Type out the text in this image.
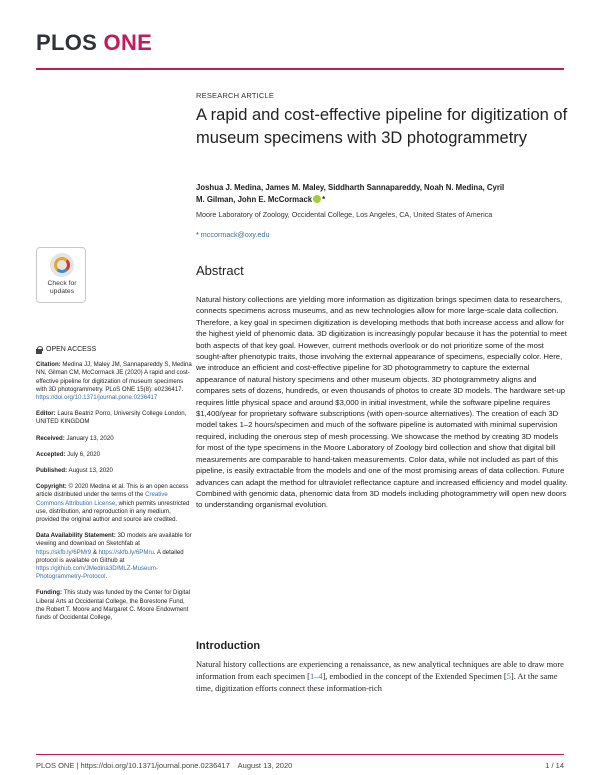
PLOS ONE
RESEARCH ARTICLE
A rapid and cost-effective pipeline for digitization of museum specimens with 3D photogrammetry
Joshua J. Medina, James M. Maley, Siddharth Sannapareddy, Noah N. Medina, Cyril
M. Gilman, John E. McCormack *
Moore Laboratory of Zoology, Occidental College, Los Angeles, CA, United States of America
* mccormack@oxy.edu
Check for
updates
OPEN ACCESS
Citation: Medina JJ, Maley JM, Sannapareddy S, Medina NN, Gilman CM, McCormack JE (2020) A rapid and cost-effective pipeline for digitization of museum specimens with 3D photogrammetry. PLoS ONE 15(8): e0236417. https://doi.org/10.1371/journal.pone.0236417
Editor: Laura Beatriz Porro, University College London, UNITED KINGDOM
Received: January 13, 2020
Accepted: July 6, 2020
Published: August 13, 2020
Copyright: © 2020 Medina et al. This is an open access article distributed under the terms of the Creative Commons Attribution License, which permits unrestricted use, distribution, and reproduction in any medium, provided the original author and source are credited.
Data Availability Statement: 3D models are available for viewing and download on Sketchfab at https://skfb.ly/6PMr9 & https://skfb.ly/6PMru. A detailed protocol is available on Github at https://github.com/JMedina3D/MLZ-Museum-Photogrammetry-Protocol.
Funding: This study was funded by the Center for Digital Liberal Arts at Occidental College, the Borestone Fund, the Robert T. Moore and Margaret C. Moore Endowment funds of Occidental College,
Abstract

Natural history collections are yielding more information as digitization brings specimen data to researchers, connects specimens across museums, and as new technologies allow for more large-scale data collection. Therefore, a key goal in specimen digitization is developing methods that both increase access and allow for the highest yield of phenomic data. 3D digitization is increasingly popular because it has the potential to meet both aspects of that key goal. However, current methods overlook or do not prioritize some of the most sought-after phenotypic traits, those involving the external appearance of specimens, especially color. Here, we introduce an efficient and cost-effective pipeline for 3D photogrammetry to capture the external appearance of natural history specimens and other museum objects. 3D photogrammetry aligns and compares sets of dozens, hundreds, or even thousands of photos to create 3D models. The hardware set-up requires little physical space and around $3,000 in initial investment, while the software pipeline requires $1,400/year for proprietary software subscriptions (with open-source alternatives). The creation of each 3D model takes 1–2 hours/specimen and much of the software pipeline is automated with minimal supervision required, including the onerous step of mesh processing. We showcase the method by creating 3D models for most of the type specimens in the Moore Laboratory of Zoology bird collection and show that digital bill measurements are comparable to hand-taken measurements. Color data, while not included as part of this pipeline, is easily extractable from the models and one of the most promising areas of data collection. Future advances can adapt the method for ultraviolet reflectance capture and increased efficiency and model quality. Combined with genomic data, phenomic data from 3D models including photogrammetry will open new doors to understanding organismal evolution.

Introduction

Natural history collections are experiencing a renaissance, as new analytical techniques are able to draw more information from each specimen [1–4], embodied in the concept of the Extended Specimen [5]. At the same time, digitization efforts connect these information-rich

PLOS ONE | https://doi.org/10.1371/journal.pone.0236417    August 13, 2020	1 / 14
